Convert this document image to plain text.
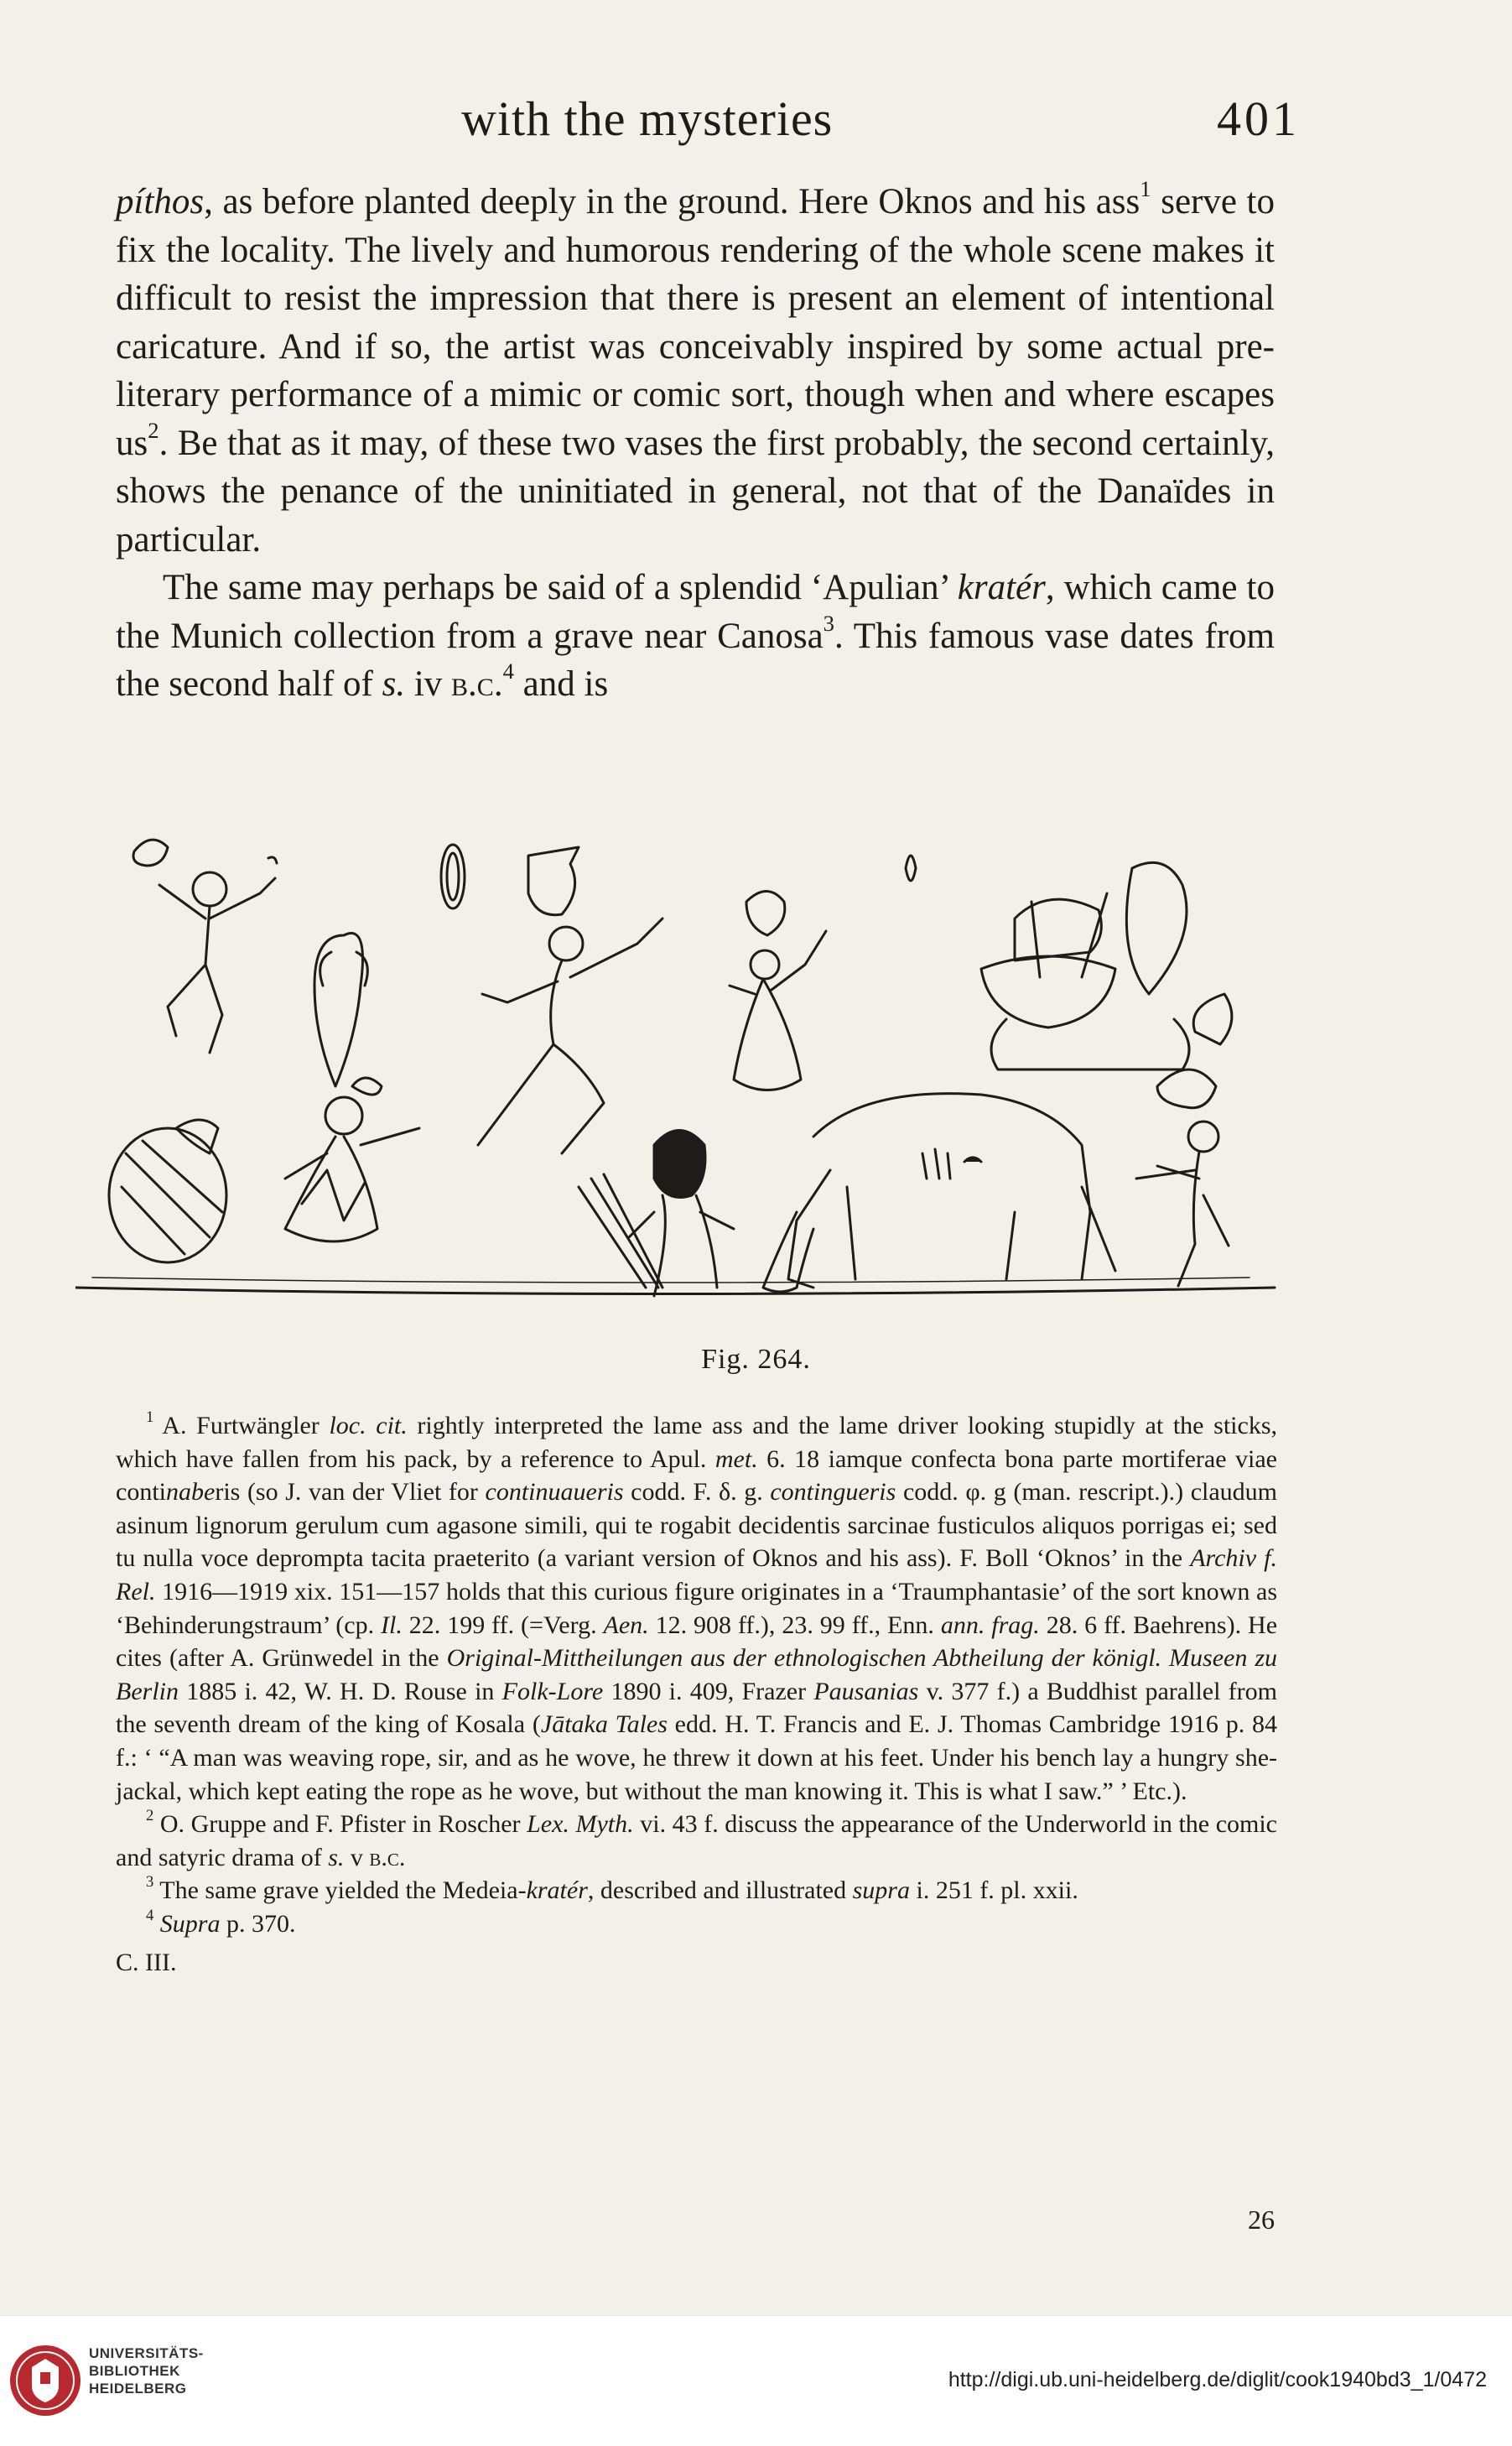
with the mysteries	401

píthos, as before planted deeply in the ground. Here Oknos and his ass$^1$ serve to fix the locality. The lively and humorous rendering of the whole scene makes it difficult to resist the impression that there is present an element of intentional caricature. And if so, the artist was conceivably inspired by some actual pre-literary performance of a mimic or comic sort, though when and where escapes $us^2$. Be that as it may, of these two vases the first probably, the second certainly, shows the penance of the uninitiated in general, not that of the Danaïdes in particular.

The same may perhaps be said of a splendid ‘Apulian’ kratér, which came to the Munich collection from a grave near Canosa$^3$. This famous vase dates from the second half of s. iv b.c.$^4$ and is

Fig. 264.

$^1$ A. Furtwängler loc. cit. rightly interpreted the lame ass and the lame driver looking stupidly at the sticks, which have fallen from his pack, by a reference to Apul. met. 6. 18 iamque confecta bona parte mortiferae viae continaberis (so J. van der Vliet for continuaueris codd. F. δ. g. contingueris codd. φ. g (man. rescript.).) claudum asinum lignorum gerulum cum agasone simili, qui te rogabit decidentis sarcinae fusticulos aliquos porrigas ei; sed tu nulla voce deprompta tacita praeterito (a variant version of Oknos and his ass). F. Boll ‘Oknos’ in the Archiv f. Rel. 1916—1919 xix. 151—157 holds that this curious figure originates in a ‘Traumphantasie’ of the sort known as ‘Behinderungstraum’ (cp. Il. 22. 199 ff. (=Verg. Aen. 12. 908 ff.), 23. 99 ff., Enn. ann. frag. 28. 6 ff. Baehrens). He cites (after A. Grünwedel in the Original-Mittheilungen aus der ethnologischen Abtheilung der königl. Museen zu Berlin 1885 i. 42, W. H. D. Rouse in Folk-Lore 1890 i. 409, Frazer Pausanias v. 377 f.) a Buddhist parallel from the seventh dream of the king of Kosala (Jātaka Tales edd. H. T. Francis and E. J. Thomas Cambridge 1916 p. 84 f.: ‘ “A man was weaving rope, sir, and as he wove, he threw it down at his feet. Under his bench lay a hungry she-jackal, which kept eating the rope as he wove, but without the man knowing it. This is what I saw.” ’ Etc.).

$^2$ O. Gruppe and F. Pfister in Roscher Lex. Myth. vi. 43 f. discuss the appearance of the Underworld in the comic and satyric drama of s. v b.c.

$^3$ The same grave yielded the Medeia-kratér, described and illustrated supra i. 251 f. pl. xxii.

$^4$ Supra p. 370.

C. III.

26
UNIVERSITÄTS-
BIBLIOTHEK
HEIDELBERG	http://digi.ub.uni-heidelberg.de/diglit/cook1940bd3_1/0472
